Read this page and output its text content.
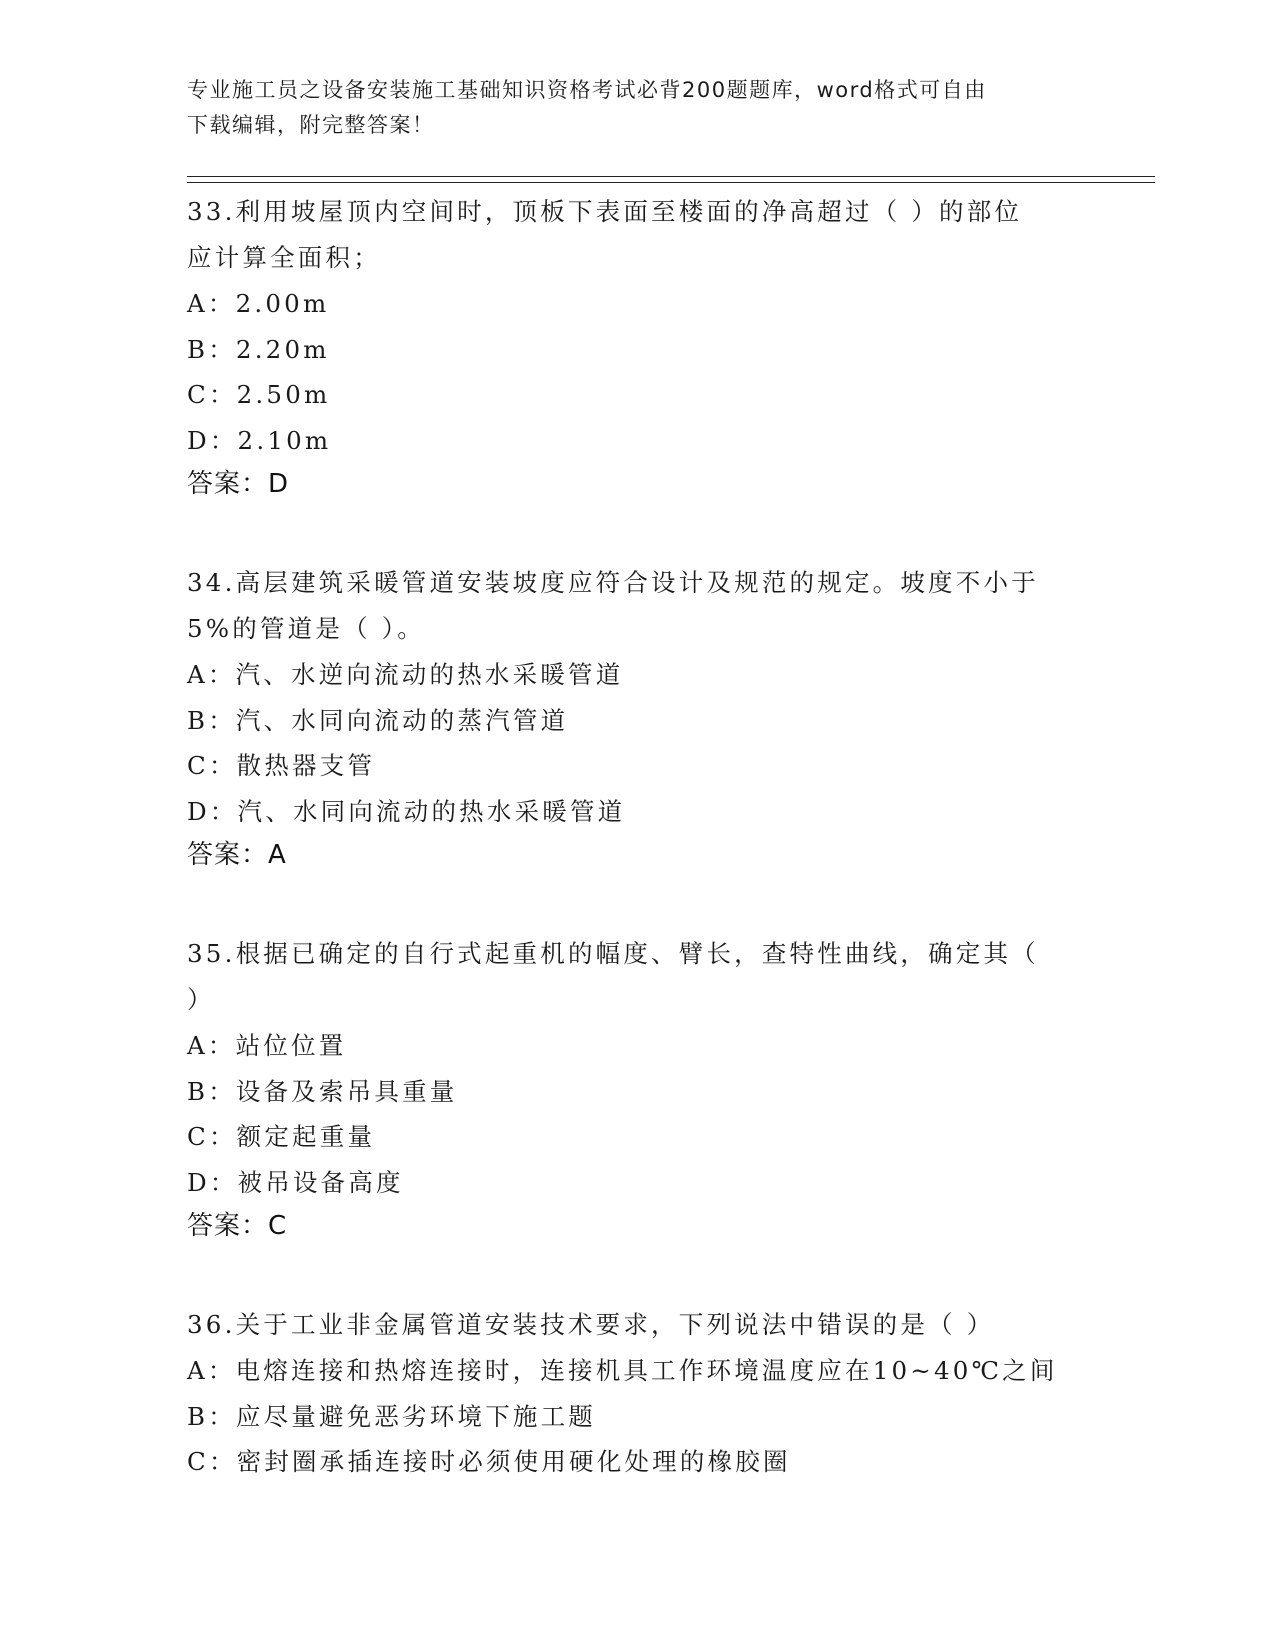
专业施工员之设备安装施工基础知识资格考试必背200题题库，word格式可自由
下载编辑，附完整答案！
33.利用坡屋顶内空间时，顶板下表面至楼面的净高超过（ ）的部位
应计算全面积；
A：2.00m
B：2.20m
C：2.50m
D：2.10m
答案：D
34.高层建筑采暖管道安装坡度应符合设计及规范的规定。坡度不小于
5%的管道是（ ）。
A：汽、水逆向流动的热水采暖管道
B：汽、水同向流动的蒸汽管道
C：散热器支管
D：汽、水同向流动的热水采暖管道
答案：A
35.根据已确定的自行式起重机的幅度、臂长，查特性曲线，确定其（
）
A：站位位置
B：设备及索吊具重量
C：额定起重量
D：被吊设备高度
答案：C
36.关于工业非金属管道安装技术要求，下列说法中错误的是（ ）
A：电熔连接和热熔连接时，连接机具工作环境温度应在10~40℃之间
B：应尽量避免恶劣环境下施工题
C：密封圈承插连接时必须使用硬化处理的橡胶圈
